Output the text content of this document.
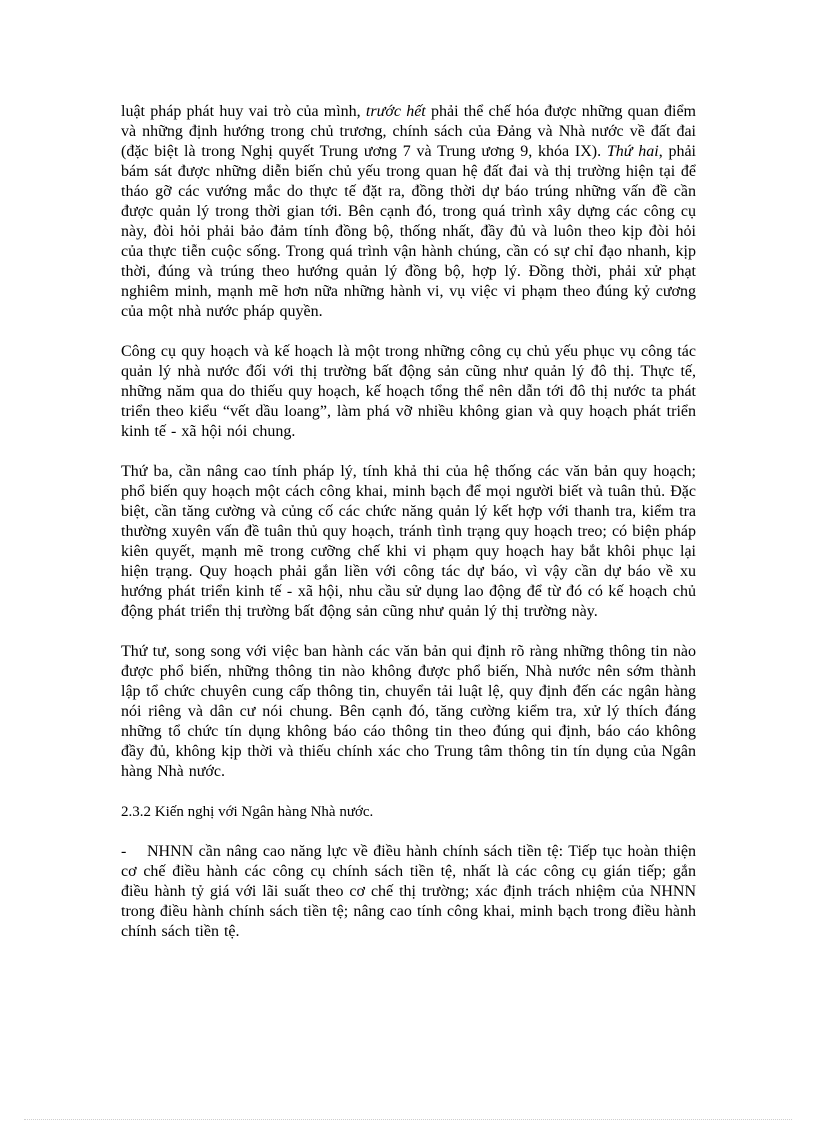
luật pháp phát huy vai trò của mình, trước hết phải thể chế hóa được những quan điểm và những định hướng trong chủ trương, chính sách của Đảng và Nhà nước về đất đai (đặc biệt là trong Nghị quyết Trung ương 7 và Trung ương 9, khóa IX). Thứ hai, phải bám sát được những diễn biến chủ yếu trong quan hệ đất đai và thị trường hiện tại để tháo gỡ các vướng mắc do thực tế đặt ra, đồng thời dự báo trúng những vấn đề cần được quản lý trong thời gian tới. Bên cạnh đó, trong quá trình xây dựng các công cụ này, đòi hỏi phải bảo đảm tính đồng bộ, thống nhất, đầy đủ và luôn theo kịp đòi hỏi của thực tiễn cuộc sống. Trong quá trình vận hành chúng, cần có sự chỉ đạo nhanh, kịp thời, đúng và trúng theo hướng quản lý đồng bộ, hợp lý. Đồng thời, phải xử phạt nghiêm minh, mạnh mẽ hơn nữa những hành vi, vụ việc vi phạm theo đúng kỷ cương của một nhà nước pháp quyền.

Công cụ quy hoạch và kế hoạch là một trong những công cụ chủ yếu phục vụ công tác quản lý nhà nước đối với thị trường bất động sản cũng như quản lý đô thị. Thực tế, những năm qua do thiếu quy hoạch, kế hoạch tổng thể nên dẫn tới đô thị nước ta phát triển theo kiểu “vết dầu loang”, làm phá vỡ nhiều không gian và quy hoạch phát triển kinh tế - xã hội nói chung.

Thứ ba, cần nâng cao tính pháp lý, tính khả thi của hệ thống các văn bản quy hoạch; phổ biến quy hoạch một cách công khai, minh bạch để mọi người biết và tuân thủ. Đặc biệt, cần tăng cường và củng cố các chức năng quản lý kết hợp với thanh tra, kiểm tra thường xuyên vấn đề tuân thủ quy hoạch, tránh tình trạng quy hoạch treo; có biện pháp kiên quyết, mạnh mẽ trong cưỡng chế khi vi phạm quy hoạch hay bắt khôi phục lại hiện trạng. Quy hoạch phải gắn liền với công tác dự báo, vì vậy cần dự báo về xu hướng phát triển kinh tế - xã hội, nhu cầu sử dụng lao động để từ đó có kế hoạch chủ động phát triển thị trường bất động sản cũng như quản lý thị trường này.

Thứ tư, song song với việc ban hành các văn bản qui định rõ ràng những thông tin nào được phổ biến, những thông tin nào không được phổ biến, Nhà nước nên sớm thành lập tổ chức chuyên cung cấp thông tin, chuyển tải luật lệ, quy định đến các ngân hàng nói riêng và dân cư nói chung. Bên cạnh đó, tăng cường kiểm tra, xử lý thích đáng những tổ chức tín dụng không báo cáo thông tin theo đúng qui định, báo cáo không đầy đủ, không kịp thời và thiếu chính xác cho Trung tâm thông tin tín dụng của Ngân hàng Nhà nước.

2.3.2 Kiến nghị với Ngân hàng Nhà nước.

- NHNN cần nâng cao năng lực về điều hành chính sách tiền tệ: Tiếp tục hoàn thiện cơ chế điều hành các công cụ chính sách tiền tệ, nhất là các công cụ gián tiếp; gắn điều hành tỷ giá với lãi suất theo cơ chế thị trường; xác định trách nhiệm của NHNN trong điều hành chính sách tiền tệ; nâng cao tính công khai, minh bạch trong điều hành chính sách tiền tệ.
